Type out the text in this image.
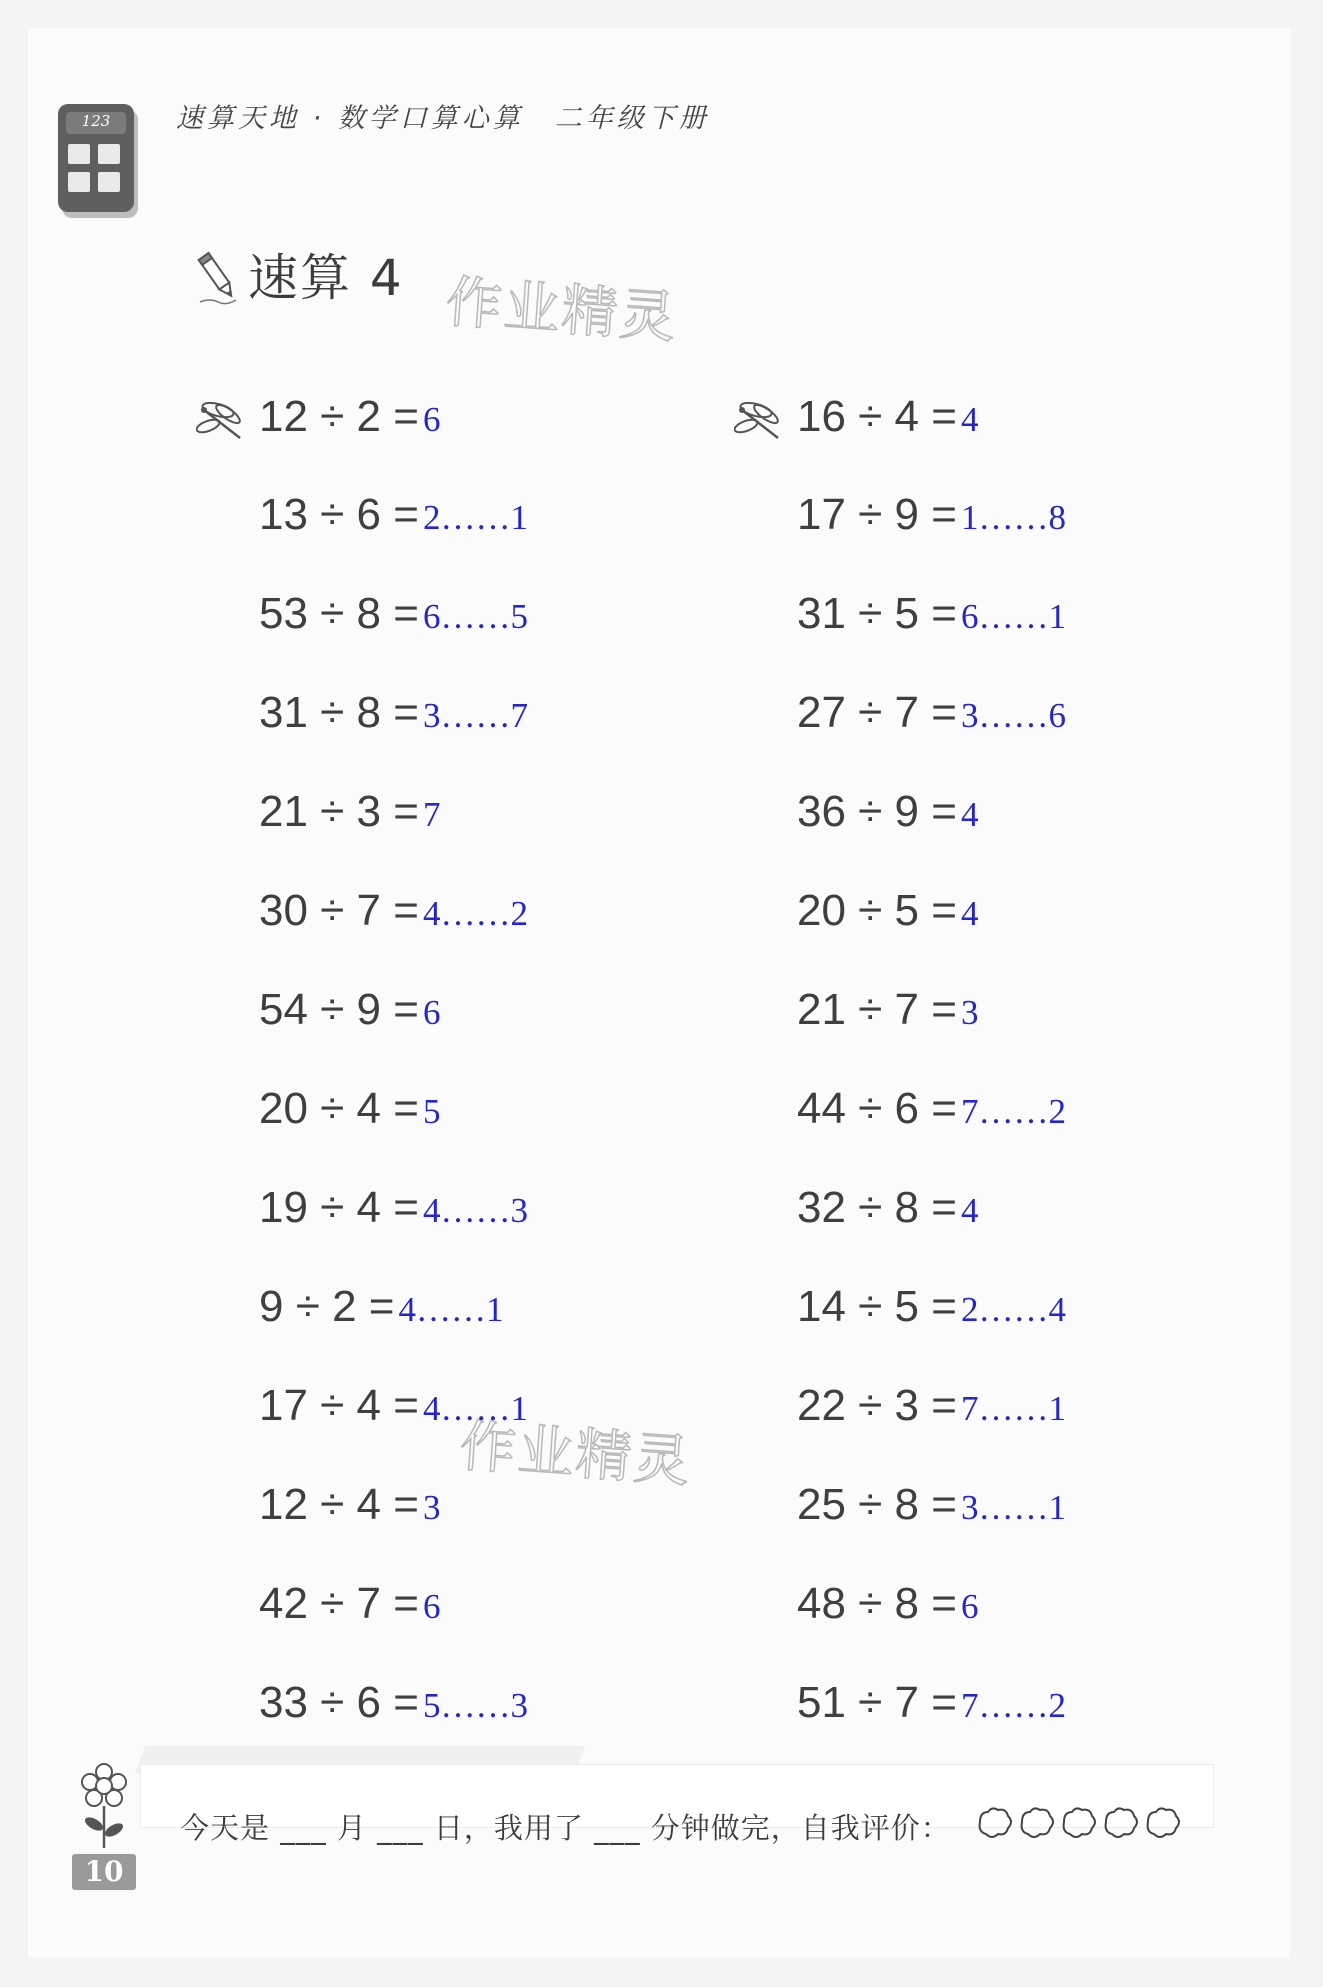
123	速算天地 · 数学口算心算　二年级下册
速算 4 作业精灵
作业精灵
12 ÷ 2 = 6
13 ÷ 6 = 2……1
53 ÷ 8 = 6……5
31 ÷ 8 = 3……7
21 ÷ 3 = 7
30 ÷ 7 = 4……2
54 ÷ 9 = 6
20 ÷ 4 = 5
19 ÷ 4 = 4……3
9 ÷ 2 = 4……1
17 ÷ 4 = 4……1
12 ÷ 4 = 3
42 ÷ 7 = 6
33 ÷ 6 = 5……3
16 ÷ 4 = 4
17 ÷ 9 = 1……8
31 ÷ 5 = 6……1
27 ÷ 7 = 3……6
36 ÷ 9 = 4
20 ÷ 5 = 4
21 ÷ 7 = 3
44 ÷ 6 = 7……2
32 ÷ 8 = 4
14 ÷ 5 = 2……4
22 ÷ 3 = 7……1
25 ÷ 8 = 3……1
48 ÷ 8 = 6
51 ÷ 7 = 7……2
今天是 ___ 月 ___ 日，我用了 ___ 分钟做完，自我评价：
10
